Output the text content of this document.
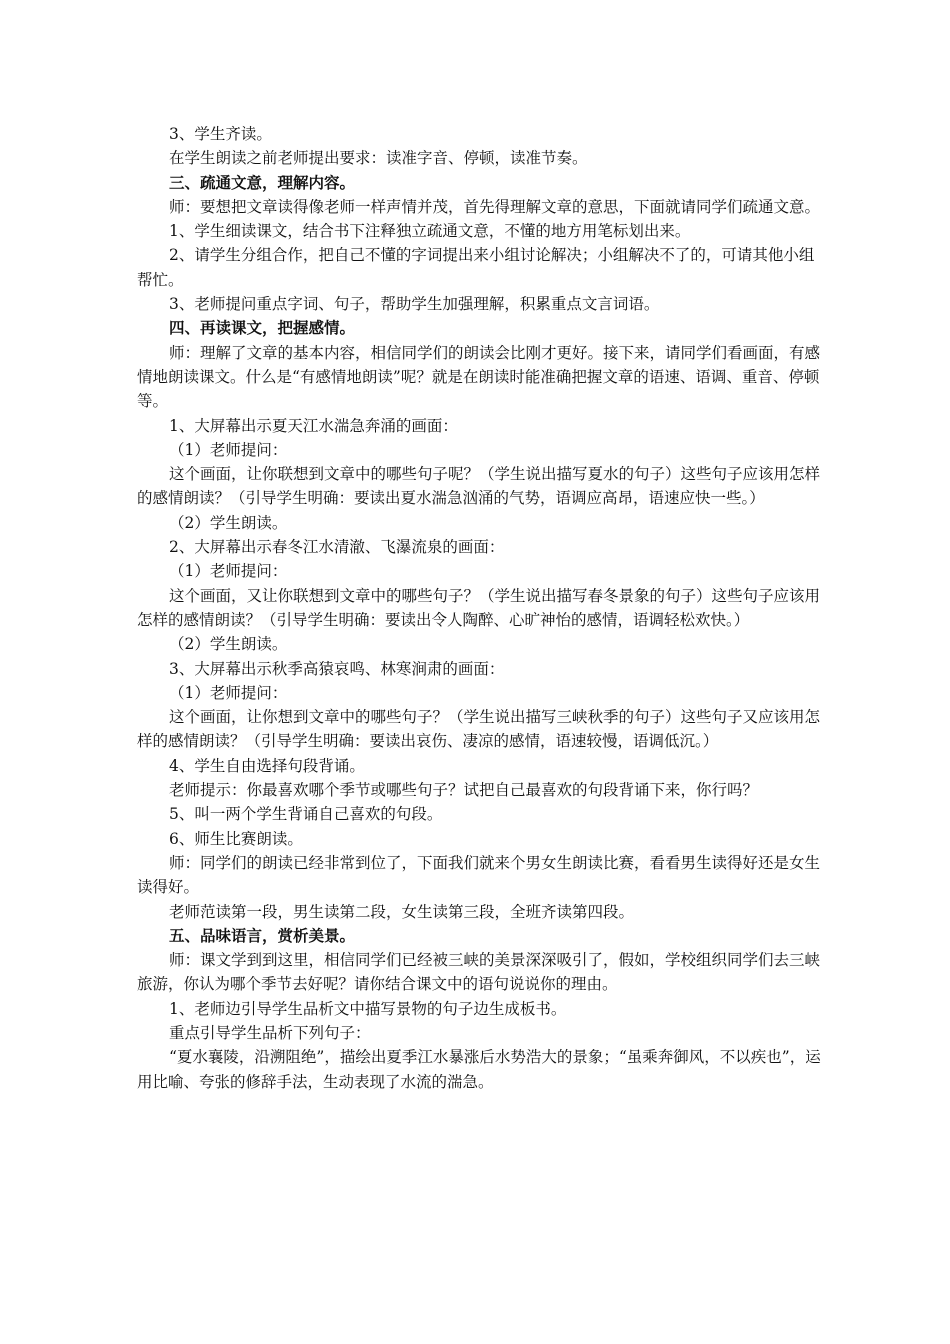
3、学生齐读。

在学生朗读之前老师提出要求：读准字音、停顿，读准节奏。

三、疏通文意，理解内容。

师：要想把文章读得像老师一样声情并茂，首先得理解文章的意思，下面就请同学们疏通文意。

1、学生细读课文，结合书下注释独立疏通文意，不懂的地方用笔标划出来。

2、请学生分组合作，把自己不懂的字词提出来小组讨论解决；小组解决不了的，可请其他小组帮忙。

3、老师提问重点字词、句子，帮助学生加强理解，积累重点文言词语。

四、再读课文，把握感情。

师：理解了文章的基本内容，相信同学们的朗读会比刚才更好。接下来，请同学们看画面，有感情地朗读课文。什么是“有感情地朗读”呢？就是在朗读时能准确把握文章的语速、语调、重音、停顿等。

1、大屏幕出示夏天江水湍急奔涌的画面：

（1）老师提问：

这个画面，让你联想到文章中的哪些句子呢？（学生说出描写夏水的句子）这些句子应该用怎样的感情朗读？（引导学生明确：要读出夏水湍急汹涌的气势，语调应高昂，语速应快一些。）

（2）学生朗读。

2、大屏幕出示春冬江水清澈、飞瀑流泉的画面：

（1）老师提问：

这个画面，又让你联想到文章中的哪些句子？（学生说出描写春冬景象的句子）这些句子应该用怎样的感情朗读？（引导学生明确：要读出令人陶醉、心旷神怡的感情，语调轻松欢快。）

（2）学生朗读。

3、大屏幕出示秋季高猿哀鸣、林寒涧肃的画面：

（1）老师提问：

这个画面，让你想到文章中的哪些句子？（学生说出描写三峡秋季的句子）这些句子又应该用怎样的感情朗读？（引导学生明确：要读出哀伤、凄凉的感情，语速较慢，语调低沉。）

4、学生自由选择句段背诵。

老师提示：你最喜欢哪个季节或哪些句子？试把自己最喜欢的句段背诵下来，你行吗？

5、叫一两个学生背诵自己喜欢的句段。

6、师生比赛朗读。

师：同学们的朗读已经非常到位了，下面我们就来个男女生朗读比赛，看看男生读得好还是女生读得好。

老师范读第一段，男生读第二段，女生读第三段，全班齐读第四段。

五、品味语言，赏析美景。

师：课文学到到这里，相信同学们已经被三峡的美景深深吸引了，假如，学校组织同学们去三峡旅游，你认为哪个季节去好呢？请你结合课文中的语句说说你的理由。

1、老师边引导学生品析文中描写景物的句子边生成板书。

重点引导学生品析下列句子：

“夏水襄陵，沿溯阻绝”，描绘出夏季江水暴涨后水势浩大的景象；“虽乘奔御风，不以疾也”，运用比喻、夸张的修辞手法，生动表现了水流的湍急。
